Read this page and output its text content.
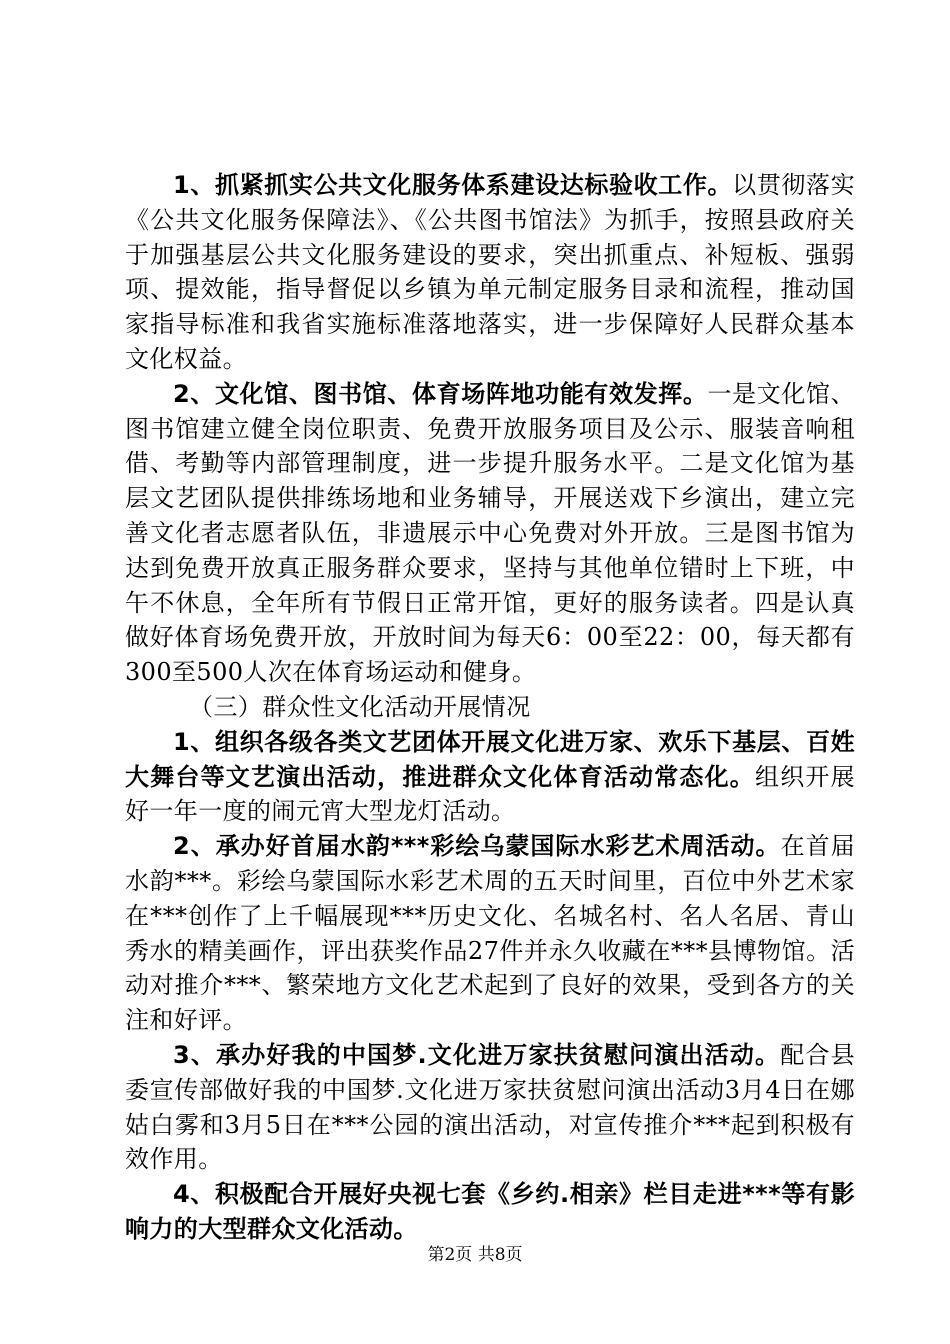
1、抓紧抓实公共文化服务体系建设达标验收工作。以贯彻落实《公共文化服务保障法》、《公共图书馆法》为抓手，按照县政府关于加强基层公共文化服务建设的要求，突出抓重点、补短板、强弱项、提效能，指导督促以乡镇为单元制定服务目录和流程，推动国家指导标准和我省实施标准落地落实，进一步保障好人民群众基本文化权益。

2、文化馆、图书馆、体育场阵地功能有效发挥。一是文化馆、图书馆建立健全岗位职责、免费开放服务项目及公示、服装音响租借、考勤等内部管理制度，进一步提升服务水平。二是文化馆为基层文艺团队提供排练场地和业务辅导，开展送戏下乡演出，建立完善文化者志愿者队伍，非遗展示中心免费对外开放。三是图书馆为达到免费开放真正服务群众要求，坚持与其他单位错时上下班，中午不休息，全年所有节假日正常开馆，更好的服务读者。四是认真做好体育场免费开放，开放时间为每天6：00至22：00，每天都有300至500人次在体育场运动和健身。

（三）群众性文化活动开展情况

1、组织各级各类文艺团体开展文化进万家、欢乐下基层、百姓大舞台等文艺演出活动，推进群众文化体育活动常态化。组织开展好一年一度的闹元宵大型龙灯活动。

2、承办好首届水韵***彩绘乌蒙国际水彩艺术周活动。在首届水韵***。彩绘乌蒙国际水彩艺术周的五天时间里，百位中外艺术家在***创作了上千幅展现***历史文化、名城名村、名人名居、青山秀水的精美画作，评出获奖作品27件并永久收藏在***县博物馆。活动对推介***、繁荣地方文化艺术起到了良好的效果，受到各方的关注和好评。

3、承办好我的中国梦.文化进万家扶贫慰问演出活动。配合县委宣传部做好我的中国梦.文化进万家扶贫慰问演出活动3月4日在娜姑白雾和3月5日在***公园的演出活动，对宣传推介***起到积极有效作用。

4、积极配合开展好央视七套《乡约.相亲》栏目走进***等有影响力的大型群众文化活动。

第2页 共8页
